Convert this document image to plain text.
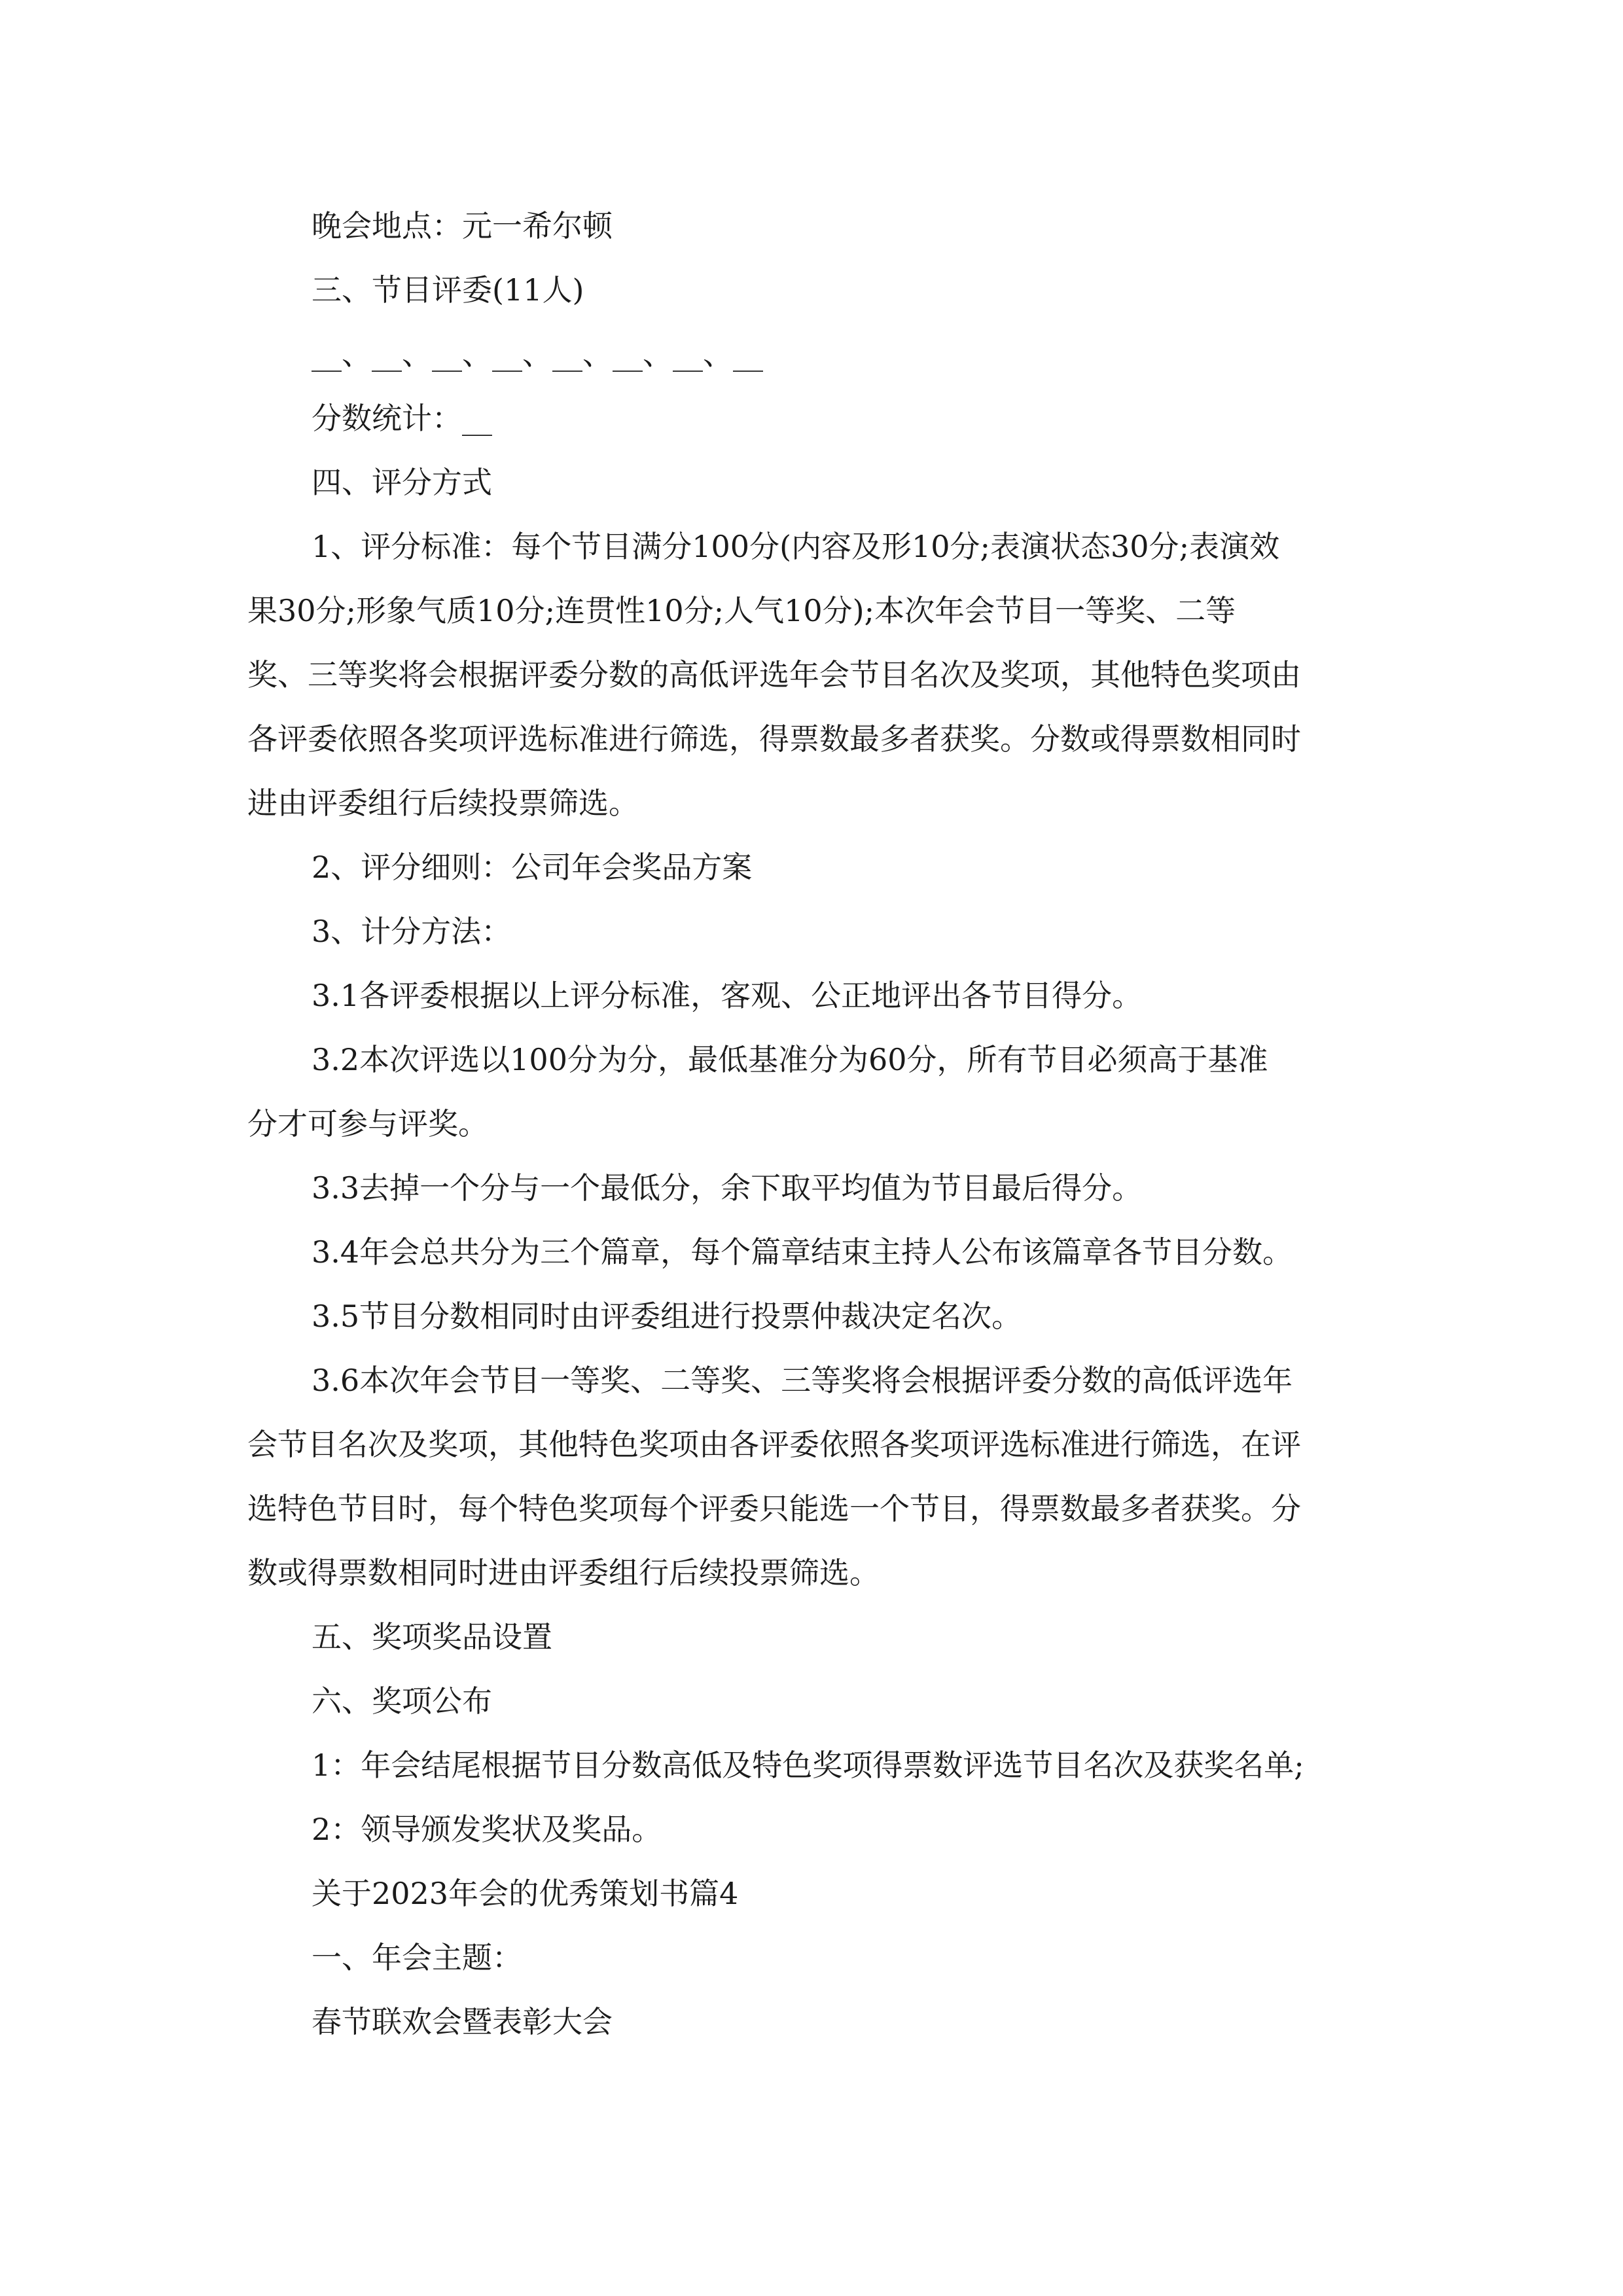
晚会地点：元一希尔顿
三、节目评委(11人)
__、__、__、__、__、__、__、__
分数统计：__
四、评分方式
1、评分标准：每个节目满分100分(内容及形10分;表演状态30分;表演效
果30分;形象气质10分;连贯性10分;人气10分);本次年会节目一等奖、二等
奖、三等奖将会根据评委分数的高低评选年会节目名次及奖项，其他特色奖项由
各评委依照各奖项评选标准进行筛选，得票数最多者获奖。分数或得票数相同时
进由评委组行后续投票筛选。
2、评分细则：公司年会奖品方案
3、计分方法：
3.1各评委根据以上评分标准，客观、公正地评出各节目得分。
3.2本次评选以100分为分，最低基准分为60分，所有节目必须高于基准
分才可参与评奖。
3.3去掉一个分与一个最低分，余下取平均值为节目最后得分。
3.4年会总共分为三个篇章，每个篇章结束主持人公布该篇章各节目分数。
3.5节目分数相同时由评委组进行投票仲裁决定名次。
3.6本次年会节目一等奖、二等奖、三等奖将会根据评委分数的高低评选年
会节目名次及奖项，其他特色奖项由各评委依照各奖项评选标准进行筛选，在评
选特色节目时，每个特色奖项每个评委只能选一个节目，得票数最多者获奖。分
数或得票数相同时进由评委组行后续投票筛选。
五、奖项奖品设置
六、奖项公布
1：年会结尾根据节目分数高低及特色奖项得票数评选节目名次及获奖名单;
2：领导颁发奖状及奖品。
关于2023年会的优秀策划书篇4
一、年会主题：
春节联欢会暨表彰大会
